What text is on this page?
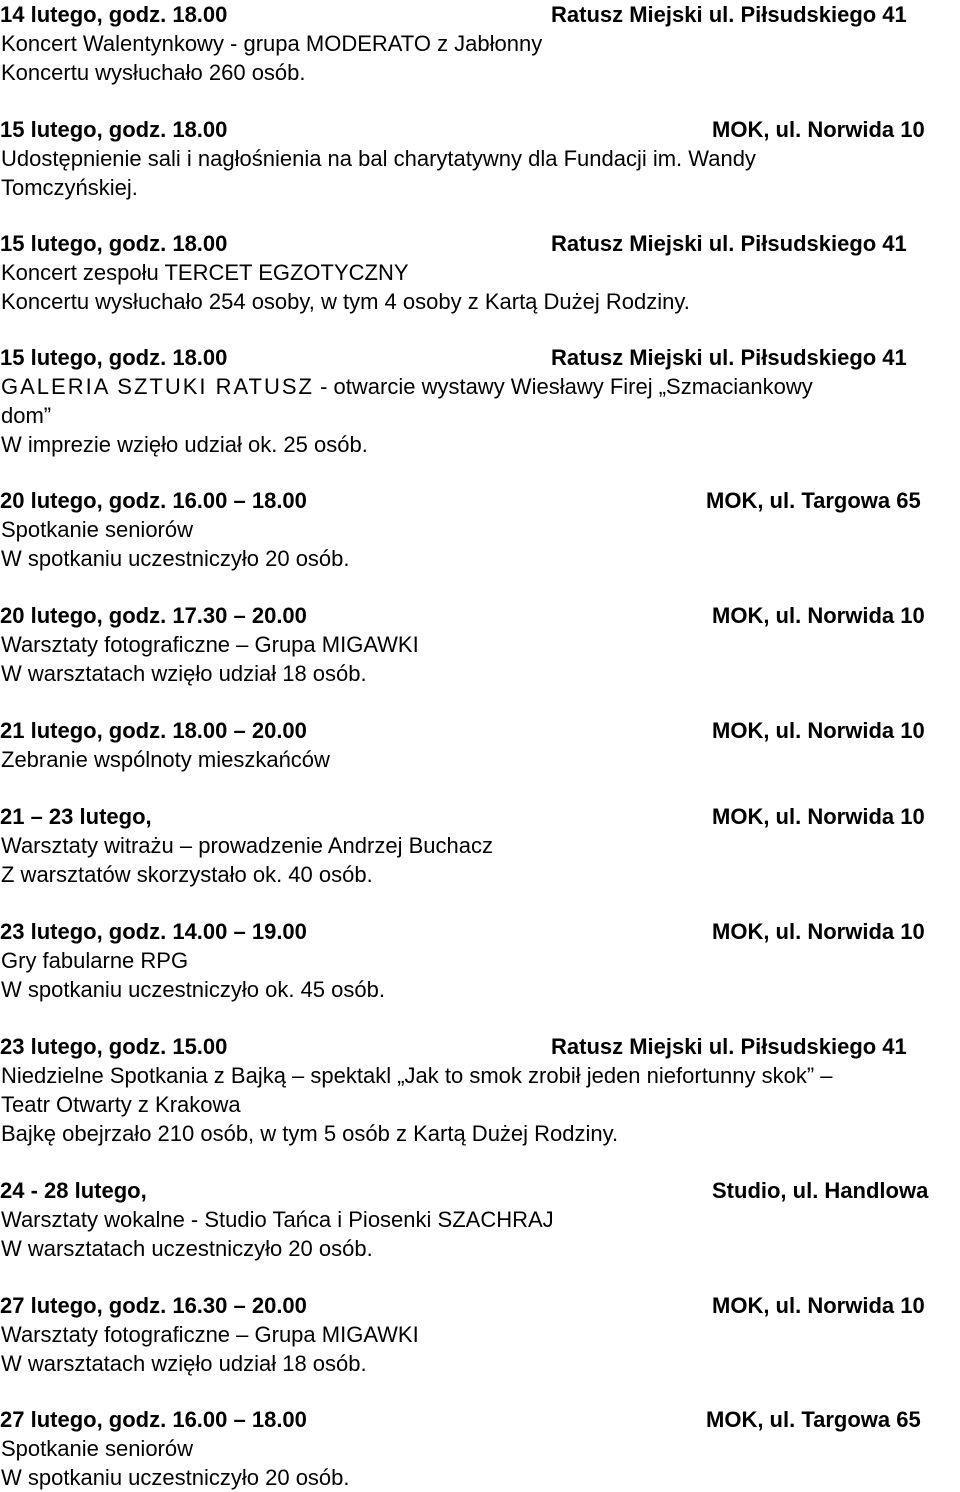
14 lutego, godz. 18.00	Ratusz Miejski ul. Piłsudskiego 41
Koncert Walentynkowy - grupa MODERATO z Jabłonny
Koncertu wysłuchało 260 osób.
15 lutego, godz. 18.00	MOK, ul. Norwida 10
Udostępnienie sali i nagłośnienia na bal charytatywny dla Fundacji im. Wandy
Tomczyńskiej.
15 lutego, godz. 18.00	Ratusz Miejski ul. Piłsudskiego 41
Koncert zespołu TERCET EGZOTYCZNY
Koncertu wysłuchało 254 osoby, w tym 4 osoby z Kartą Dużej Rodziny.
15 lutego, godz. 18.00	Ratusz Miejski ul. Piłsudskiego 41
GALERIA SZTUKI RATUSZ - otwarcie wystawy Wiesławy Firej „Szmaciankowy
dom”
W imprezie wzięło udział ok. 25 osób.
20 lutego, godz. 16.00 – 18.00	MOK, ul. Targowa 65
Spotkanie seniorów
W spotkaniu uczestniczyło 20 osób.
20 lutego, godz. 17.30 – 20.00	MOK, ul. Norwida 10
Warsztaty fotograficzne – Grupa MIGAWKI
W warsztatach wzięło udział 18 osób.
21 lutego, godz. 18.00 – 20.00	MOK, ul. Norwida 10
Zebranie wspólnoty mieszkańców
21 – 23 lutego,	MOK, ul. Norwida 10
Warsztaty witrażu – prowadzenie Andrzej Buchacz
Z warsztatów skorzystało ok. 40 osób.
23 lutego, godz. 14.00 – 19.00	MOK, ul. Norwida 10
Gry fabularne RPG
W spotkaniu uczestniczyło ok. 45 osób.
23 lutego, godz. 15.00	Ratusz Miejski ul. Piłsudskiego 41
Niedzielne Spotkania z Bajką – spektakl „Jak to smok zrobił jeden niefortunny skok” –
Teatr Otwarty z Krakowa
Bajkę obejrzało 210 osób, w tym 5 osób z Kartą Dużej Rodziny.
24 - 28 lutego,	Studio, ul. Handlowa
Warsztaty wokalne - Studio Tańca i Piosenki SZACHRAJ
W warsztatach uczestniczyło 20 osób.
27 lutego, godz. 16.30 – 20.00	MOK, ul. Norwida 10
Warsztaty fotograficzne – Grupa MIGAWKI
W warsztatach wzięło udział 18 osób.
27 lutego, godz. 16.00 – 18.00	MOK, ul. Targowa 65
Spotkanie seniorów
W spotkaniu uczestniczyło 20 osób.
